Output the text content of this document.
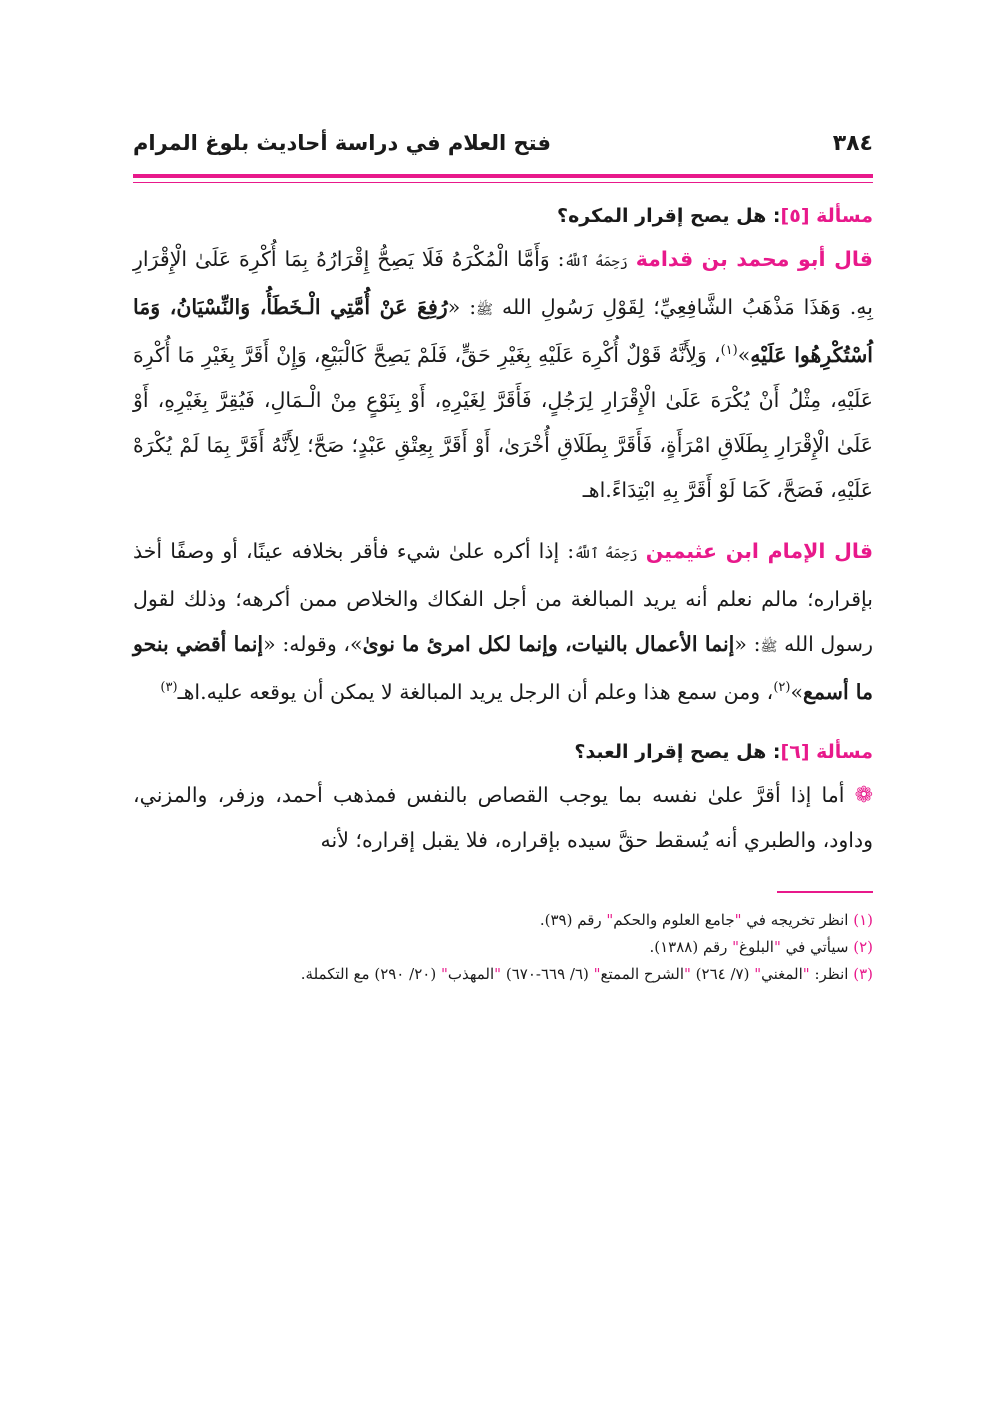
٣٨٤
فتح العلام في دراسة أحاديث بلوغ المرام
مسألة [٥]: هل يصح إقرار المكره؟

قال أبو محمد بن قدامة رَحِمَهُ ٱللَّهُ: وَأَمَّا الْمُكْرَهُ فَلَا يَصِحُّ إِقْرَارُهُ بِمَا أُكْرِهَ عَلَىٰ الْإِقْرَارِ بِهِ. وَهَذَا مَذْهَبُ الشَّافِعِيِّ؛ لِقَوْلِ رَسُولِ الله ﷺ: «رُفِعَ عَنْ أُمَّتِي الْـخَطَأُ، وَالنِّسْيَانُ، وَمَا اُسْتُكْرِهُوا عَلَيْهِ»$^{(١)}$، وَلِأَنَّهُ قَوْلٌ أُكْرِهَ عَلَيْهِ بِغَيْرِ حَقٍّ، فَلَمْ يَصِحَّ كَالْبَيْعِ، وَإِنْ أَقَرَّ بِغَيْرِ مَا أُكْرِهَ عَلَيْهِ، مِثْلُ أَنْ يُكْرَهَ عَلَىٰ الْإِقْرَارِ لِرَجُلٍ، فَأَقَرَّ لِغَيْرِهِ، أَوْ بِنَوْعٍ مِنْ الْـمَالِ، فَيُقِرَّ بِغَيْرِهِ، أَوْ عَلَىٰ الْإِقْرَارِ بِطَلَاقِ امْرَأَةٍ، فَأَقَرَّ بِطَلَاقِ أُخْرَىٰ، أَوْ أَقَرَّ بِعِتْقِ عَبْدٍ؛ صَحَّ؛ لِأَنَّهُ أَقَرَّ بِمَا لَمْ يُكْرَهْ عَلَيْهِ، فَصَحَّ، كَمَا لَوْ أَقَرَّ بِهِ ابْتِدَاءً.اهـ

قال الإمام ابن عثيمين رَحِمَهُ ٱللَّهُ: إذا أكره علىٰ شيء فأقر بخلافه عينًا، أو وصفًا أخذ بإقراره؛ مالم نعلم أنه يريد المبالغة من أجل الفكاك والخلاص ممن أكرهه؛ وذلك لقول رسول الله ﷺ: «إنما الأعمال بالنيات، وإنما لكل امرئ ما نوىٰ»، وقوله: «إنما أقضي بنحو ما أسمع»$^{(٢)}$، ومن سمع هذا وعلم أن الرجل يريد المبالغة لا يمكن أن يوقعه عليه.اهـ$^{(٣)}$

مسألة [٦]: هل يصح إقرار العبد؟

❁ أما إذا أقرَّ علىٰ نفسه بما يوجب القصاص بالنفس فمذهب أحمد، وزفر، والمزني، وداود، والطبري أنه يُسقط حقَّ سيده بإقراره، فلا يقبل إقراره؛ لأنه

(١) انظر تخريجه في "جامع العلوم والحكم" رقم (٣٩).

(٢) سيأتي في "البلوغ" رقم (١٣٨٨).

(٣) انظر: "المغني" (٧/ ٢٦٤) "الشرح الممتع" (٦/ ٦٦٩-٦٧٠) "المهذب" (٢٠/ ٢٩٠) مع التكملة.
